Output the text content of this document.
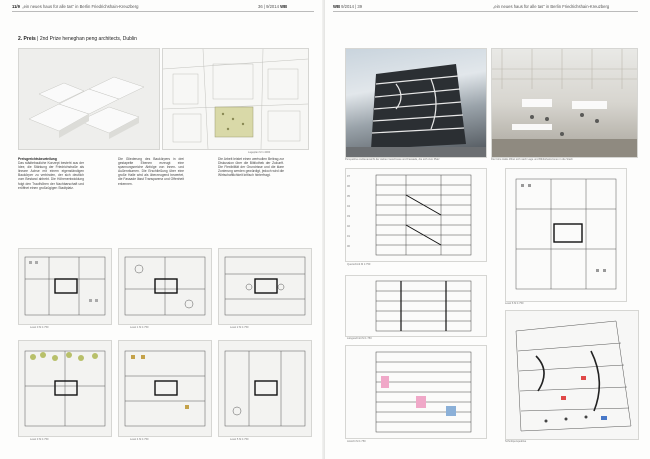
11/9 „ein neues haus für alle tas" in Berlin Friedrichshain-Kreuzberg	36 | 9/2014 WB
2. Preis | 2nd Prize heneghan peng architects, Dublin
Lageplan M 1:4000
Preisgerichtsbeurteilung
Das städtebauliche Konzept besteht aus der Idee, die Stärkung der Friedrichstraße als lineare Achse mit einem eigenständigen Baukörper zu verbinden, der sich deutlich vom Bestand abhebt. Die Höhenentwicklung folgt den Traufhöhen der Nachbarschaft und eröffnet einen großzügigen Stadtplatz.
Die Gliederung des Baukörpers in drei gestapelte Ebenen erzeugt eine spannungsreiche Abfolge von Innen- und Außenräumen. Die Erschließung über eine große Halle wird als überzeugend bewertet, die Fassade lässt Transparenz und Offenheit erkennen.
Die Arbeit leistet einen wertvollen Beitrag zur Diskussion über die Bibliothek der Zukunft. Die Flexibilität der Grundrisse und die klare Zonierung werden gewürdigt, jedoch wird die Wirtschaftlichkeit kritisch hinterfragt.
Level 0 M 1:750	Level 1 M 1:750	Level 2 M 1:750
Level 3 M 1:750	Level 4 M 1:750	Level 5 M 1:750
WB 9/2014 | 39	„ein neues haus für alle tas" in Berlin Friedrichshain-Kreuzberg
Perspektive Außenansicht der sieben Geschosse und Fassade, die sich zum Platz	Die hohe Halle öffnet sich nach Lage und Bibliothekszonen in die Stadt
07
06
05
04
03
02
01
00
Querschnitt M 1:750
Level 6 M 1:750
Längsschnitt M 1:750
Ansicht M 1:750	Schnittperspektive
